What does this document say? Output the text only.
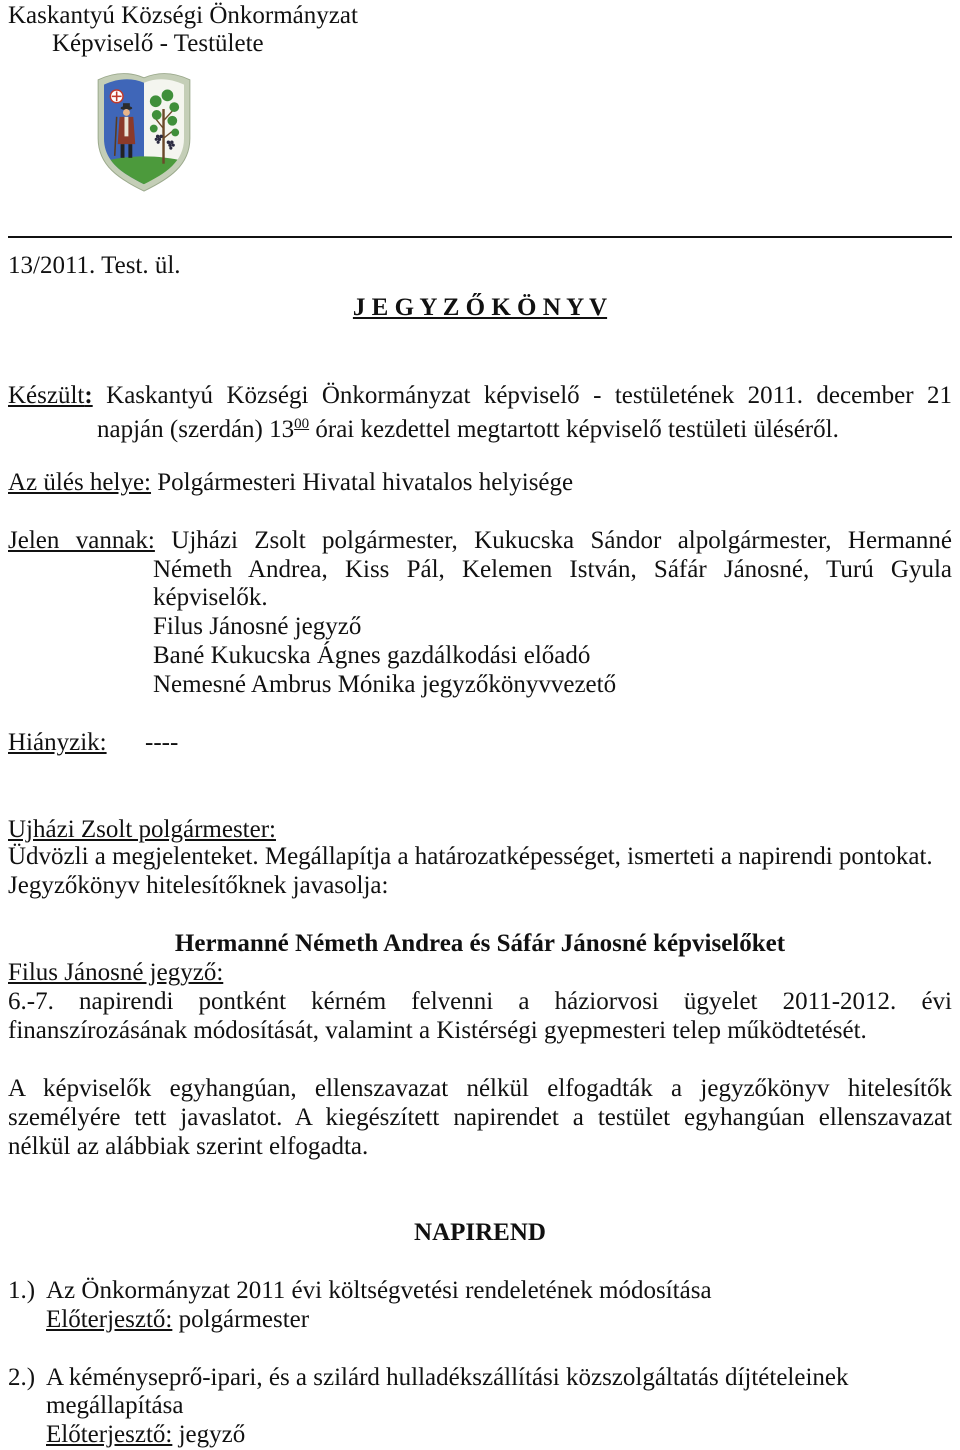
Kaskantyú Községi Önkormányzat
Képviselő - Testülete
13/2011. Test. ül.
J E G Y Z Ő K Ö N Y V
Készült: Kaskantyú Községi Önkormányzat képviselő - testületének 2011. december 21
napján (szerdán) $13^{00}$ órai kezdettel megtartott képviselő testületi üléséről.
Az ülés helye: Polgármesteri Hivatal hivatalos helyisége
Jelen vannak: Ujházi Zsolt polgármester, Kukucska Sándor alpolgármester, Hermanné
Németh Andrea, Kiss Pál, Kelemen István, Sáfár Jánosné, Turú Gyula
képviselők.
Filus Jánosné jegyző
Bané Kukucska Ágnes gazdálkodási előadó
Nemesné Ambrus Mónika jegyzőkönyvvezető
Hiányzik:	----
Ujházi Zsolt polgármester:
Üdvözli a megjelenteket. Megállapítja a határozatképességet, ismerteti a napirendi pontokat.
Jegyzőkönyv hitelesítőknek javasolja:
Hermanné Németh Andrea és Sáfár Jánosné képviselőket
Filus Jánosné jegyző:
6.-7. napirendi pontként kérném felvenni a háziorvosi ügyelet 2011-2012. évi
finanszírozásának módosítását, valamint a Kistérségi gyepmesteri telep működtetését.
A képviselők egyhangúan, ellenszavazat nélkül elfogadták a jegyzőkönyv hitelesítők
személyére tett javaslatot. A kiegészített napirendet a testület egyhangúan ellenszavazat
nélkül az alábbiak szerint elfogadta.
NAPIREND
1.) Az Önkormányzat 2011 évi költségvetési rendeletének módosítása
Előterjesztő: polgármester
2.) A kéményseprő-ipari, és a szilárd hulladékszállítási közszolgáltatás díjtételeinek
megállapítása
Előterjesztő: jegyző
